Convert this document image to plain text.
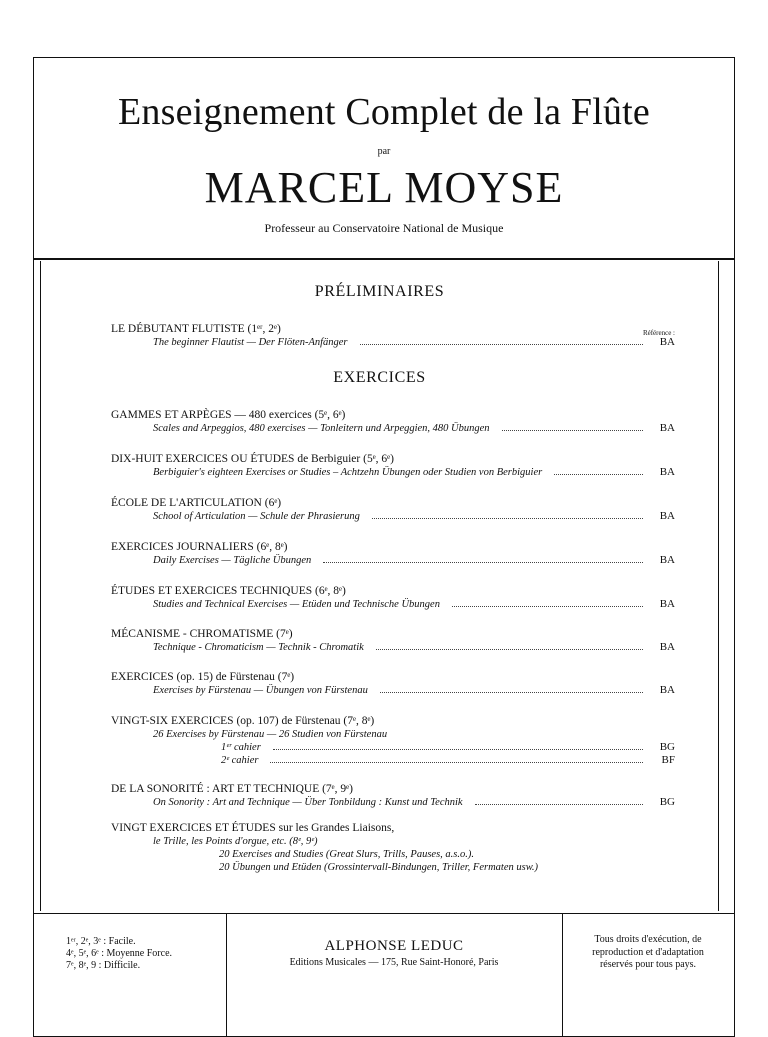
Enseignement Complet de la Flûte
par
MARCEL MOYSE
Professeur au Conservatoire National de Musique
PRÉLIMINAIRES
Référence :
LE DÉBUTANT FLUTISTE (1ᵉʳ, 2ᵉ)
The beginner Flautist — Der Flöten-Anfänger	BA
EXERCICES
GAMMES ET ARPÈGES — 480 exercices (5ᵉ, 6ᵉ)
Scales and Arpeggios, 480 exercises — Tonleitern und Arpeggien, 480 Übungen	BA
DIX-HUIT EXERCICES OU ÉTUDES de Berbiguier (5ᵉ, 6ᵉ)
Berbiguier's eighteen Exercises or Studies – Achtzehn Übungen oder Studien von Berbiguier	BA
ÉCOLE DE L'ARTICULATION (6ᵉ)
School of Articulation — Schule der Phrasierung	BA
EXERCICES JOURNALIERS (6ᵉ, 8ᵉ)
Daily Exercises — Tägliche Übungen	BA
ÉTUDES ET EXERCICES TECHNIQUES (6ᵉ, 8ᵉ)
Studies and Technical Exercises — Etüden und Technische Übungen	BA
MÉCANISME - CHROMATISME (7ᵉ)
Technique - Chromaticism — Technik - Chromatik	BA
EXERCICES (op. 15) de Fürstenau (7ᵉ)
Exercises by Fürstenau — Übungen von Fürstenau	BA
VINGT-SIX EXERCICES (op. 107) de Fürstenau (7ᵉ, 8ᵉ)
26 Exercises by Fürstenau — 26 Studien von Fürstenau
1ᵉʳ cahier	BG
2ᵉ cahier	BF
DE LA SONORITÉ : ART ET TECHNIQUE (7ᵉ, 9ᵉ)
On Sonority : Art and Technique — Über Tonbildung : Kunst und Technik	BG
VINGT EXERCICES ET ÉTUDES sur les Grandes Liaisons,
le Trille, les Points d'orgue, etc. (8ᵉ, 9ᵉ)
20 Exercises and Studies (Great Slurs, Trills, Pauses, a.s.o.).
20 Übungen und Etüden (Grossintervall-Bindungen, Triller, Fermaten usw.)
1ᵉʳ, 2ᵉ, 3ᵉ : Facile.
4ᵉ, 5ᵉ, 6ᵉ : Moyenne Force.
7ᵉ, 8ᵉ, 9 : Difficile.
ALPHONSE LEDUC
Editions Musicales — 175, Rue Saint-Honoré, Paris
Tous droits d'exécution, de
reproduction et d'adaptation
réservés pour tous pays.
